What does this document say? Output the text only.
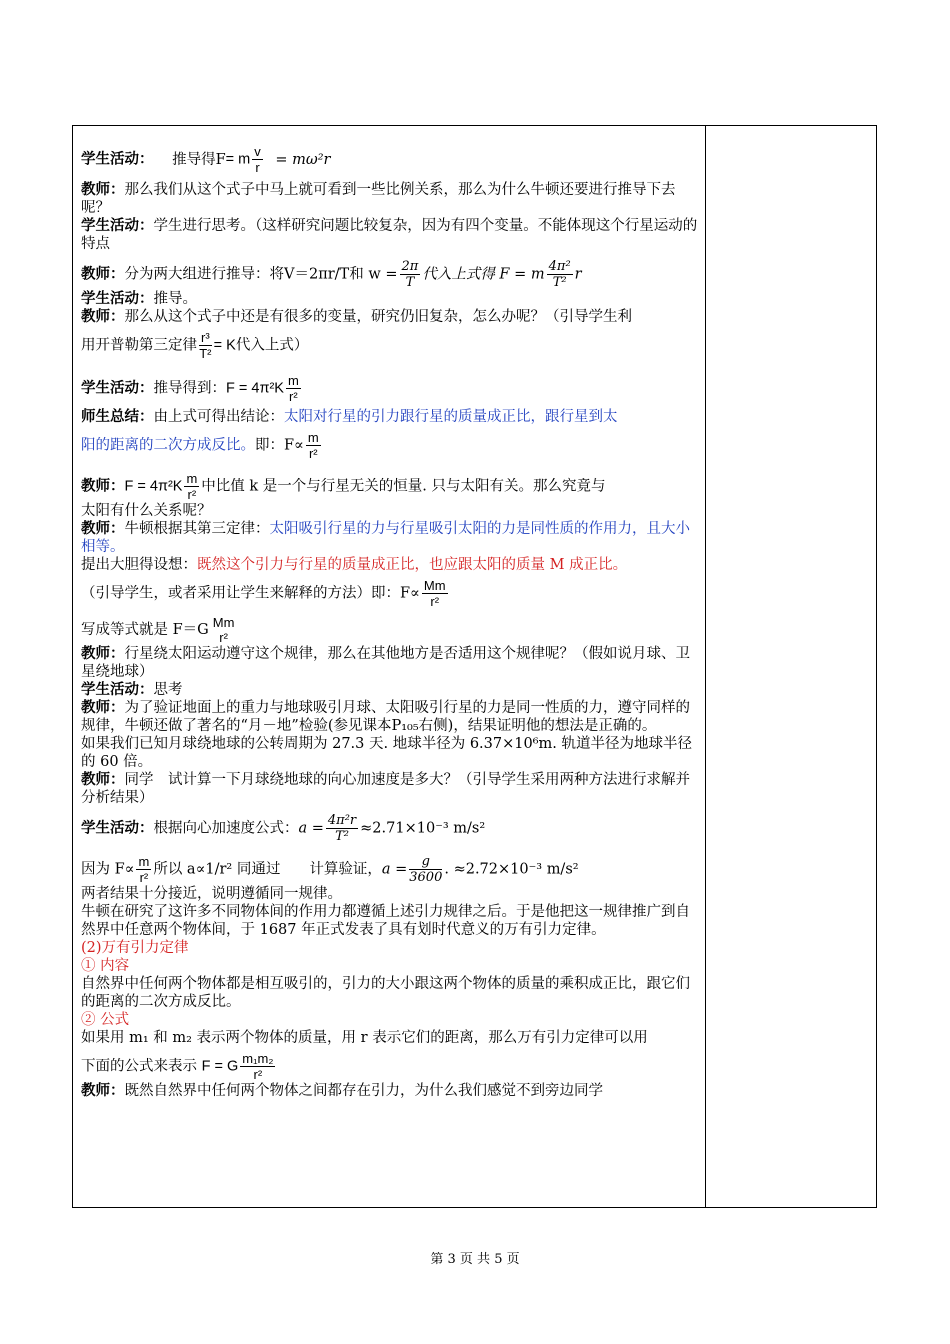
学生活动： 推导得F= m $\frac{v}{r} = m\omega^2r$
教师：那么我们从这个式子中马上就可看到一些比例关系，那么为什么牛顿还要进行推导下去呢？
学生活动：学生进行思考。（这样研究问题比较复杂，因为有四个变量。不能体现这个行星运动的特点
教师：分为两大组进行推导：将V＝2πr/T和 $w = \frac{2\pi}{T}$ 代入上式得 F = m $\frac{\text{4π²}}{\text{T²}}$ r
学生活动：推导。
教师：那么从这个式子中还是有很多的变量，研究仍旧复杂，怎么办呢？（引导学生利
用开普勒第三定律 $\frac{\text{r³}}{\text{T²}} = K$代入上式）
学生活动：推导得到：$F = 4\pi^2K \frac{m}{\text{r²}}$
师生总结：由上式可得出结论：太阳对行星的引力跟行星的质量成正比，跟行星到太
阳的距离的二次方成反比。即：$F\propto \frac{m}{\text{r²}}$
教师：$F = 4\pi^2K \frac{m}{\text{r²}}$ 中比值 k 是一个与行星无关的恒量. 只与太阳有关。那么究竟与
太阳有什么关系呢？
教师：牛顿根据其第三定律：太阳吸引行星的力与行星吸引太阳的力是同性质的作用力，且大小相等。
提出大胆得设想：既然这个引力与行星的质量成正比，也应跟太阳的质量 M 成正比。
（引导学生，或者采用让学生来解释的方法）即：$F\propto \frac{Mm}{\text{r²}}$
写成等式就是 F＝G Mm
r²
教师：行星绕太阳运动遵守这个规律，那么在其他地方是否适用这个规律呢？（假如说月球、卫星绕地球）
学生活动：思考
教师：为了验证地面上的重力与地球吸引月球、太阳吸引行星的力是同一性质的力，遵守同样的规律，牛顿还做了著名的“月－地”检验(参见课本P₁₀₅右侧)，结果证明他的想法是正确的。
如果我们已知月球绕地球的公转周期为 27.3 天. 地球半径为 6.37×10⁶m. 轨道半径为地球半径的 60 倍。
教师：同学　试计算一下月球绕地球的向心加速度是多大？（引导学生采用两种方法进行求解并分析结果）
学生活动：根据向心加速度公式：$a = \frac{\text{4π²r}}{\text{T²}} \approx 2.71\times 10^{-3}$ m/s²
因为 $F\propto \frac{m}{\text{r²}}$ 所以 a∝1/r² 同通过　　计算验证，$a = \frac{g}{3600}$ . ≈2.72×10⁻³ m/s²
两者结果十分接近，说明遵循同一规律。
牛顿在研究了这许多不同物体间的作用力都遵循上述引力规律之后。于是他把这一规律推广到自然界中任意两个物体间，于 1687 年正式发表了具有划时代意义的万有引力定律。
(2)万有引力定律
① 内容
自然界中任何两个物体都是相互吸引的，引力的大小跟这两个物体的质量的乘积成正比，跟它们的距离的二次方成反比。
② 公式
如果用 m₁ 和 m₂ 表示两个物体的质量，用 r 表示它们的距离，那么万有引力定律可以用
下面的公式来表示 F = G $\frac{\text{m₁m₂}}{\text{r²}}$
教师：既然自然界中任何两个物体之间都存在引力，为什么我们感觉不到旁边同学
第 3 页 共 5 页
